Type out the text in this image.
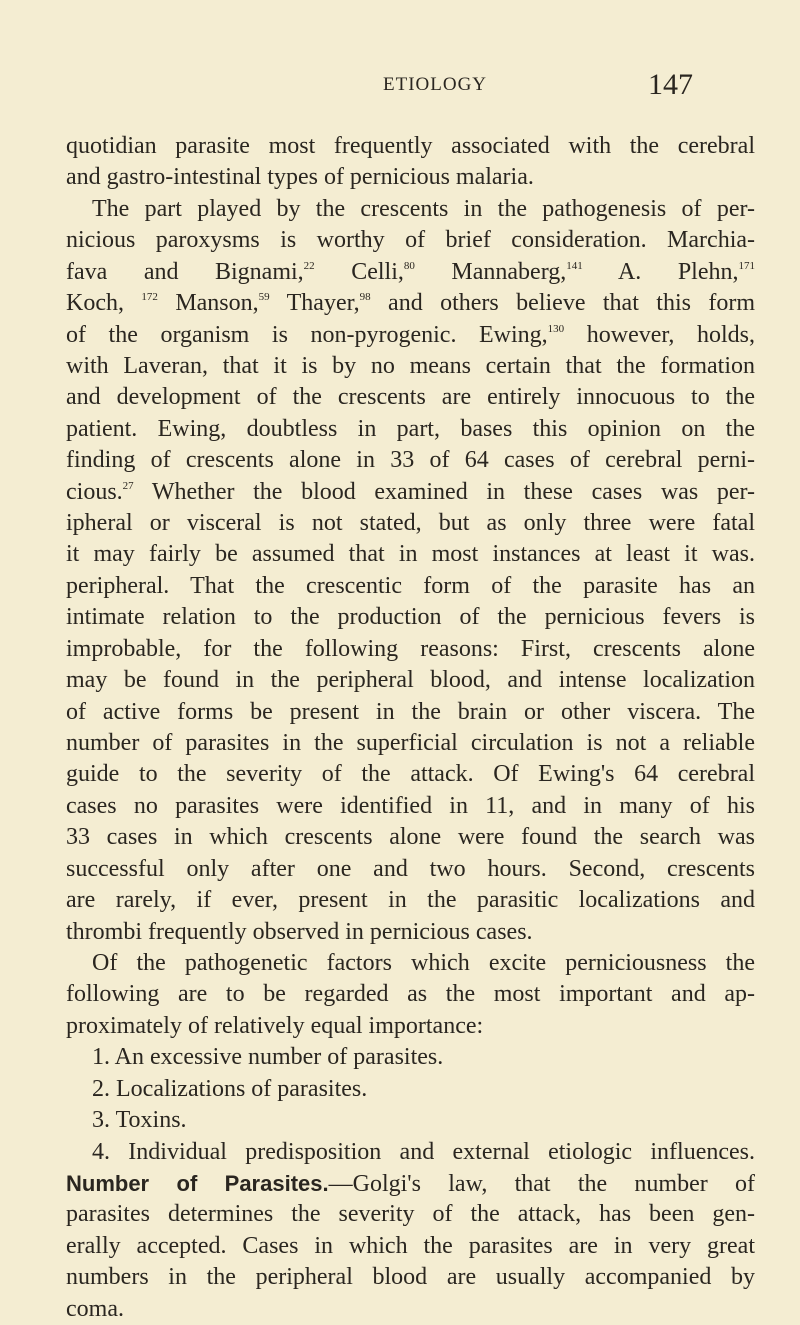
ETIOLOGY	147
quotidian parasite most frequently associated with the cerebral
and gastro-intestinal types of pernicious malaria.
The part played by the crescents in the pathogenesis of per-
nicious paroxysms is worthy of brief consideration. Marchia-
fava and Bignami,$^{22}$ Celli,$^{80}$ Mannaberg,$^{141}$ A. Plehn,$^{171}$
Koch, $^{172}$ Manson,$^{59}$ Thayer,$^{98}$ and others believe that this form
of the organism is non-pyrogenic. Ewing,$^{130}$ however, holds,
with Laveran, that it is by no means certain that the formation
and development of the crescents are entirely innocuous to the
patient. Ewing, doubtless in part, bases this opinion on the
finding of crescents alone in 33 of 64 cases of cerebral perni-
cious.$^{27}$ Whether the blood examined in these cases was per-
ipheral or visceral is not stated, but as only three were fatal
it may fairly be assumed that in most instances at least it was.
peripheral. That the crescentic form of the parasite has an
intimate relation to the production of the pernicious fevers is
improbable, for the following reasons: First, crescents alone
may be found in the peripheral blood, and intense localization
of active forms be present in the brain or other viscera. The
number of parasites in the superficial circulation is not a reliable
guide to the severity of the attack. Of Ewing's 64 cerebral
cases no parasites were identified in 11, and in many of his
33 cases in which crescents alone were found the search was
successful only after one and two hours. Second, crescents
are rarely, if ever, present in the parasitic localizations and
thrombi frequently observed in pernicious cases.
Of the pathogenetic factors which excite perniciousness the
following are to be regarded as the most important and ap-
proximately of relatively equal importance:
1. An excessive number of parasites.
2. Localizations of parasites.
3. Toxins.
4. Individual predisposition and external etiologic influences.
Number of Parasites.—Golgi's law, that the number of
parasites determines the severity of the attack, has been gen-
erally accepted. Cases in which the parasites are in very great
numbers in the peripheral blood are usually accompanied by
coma.
